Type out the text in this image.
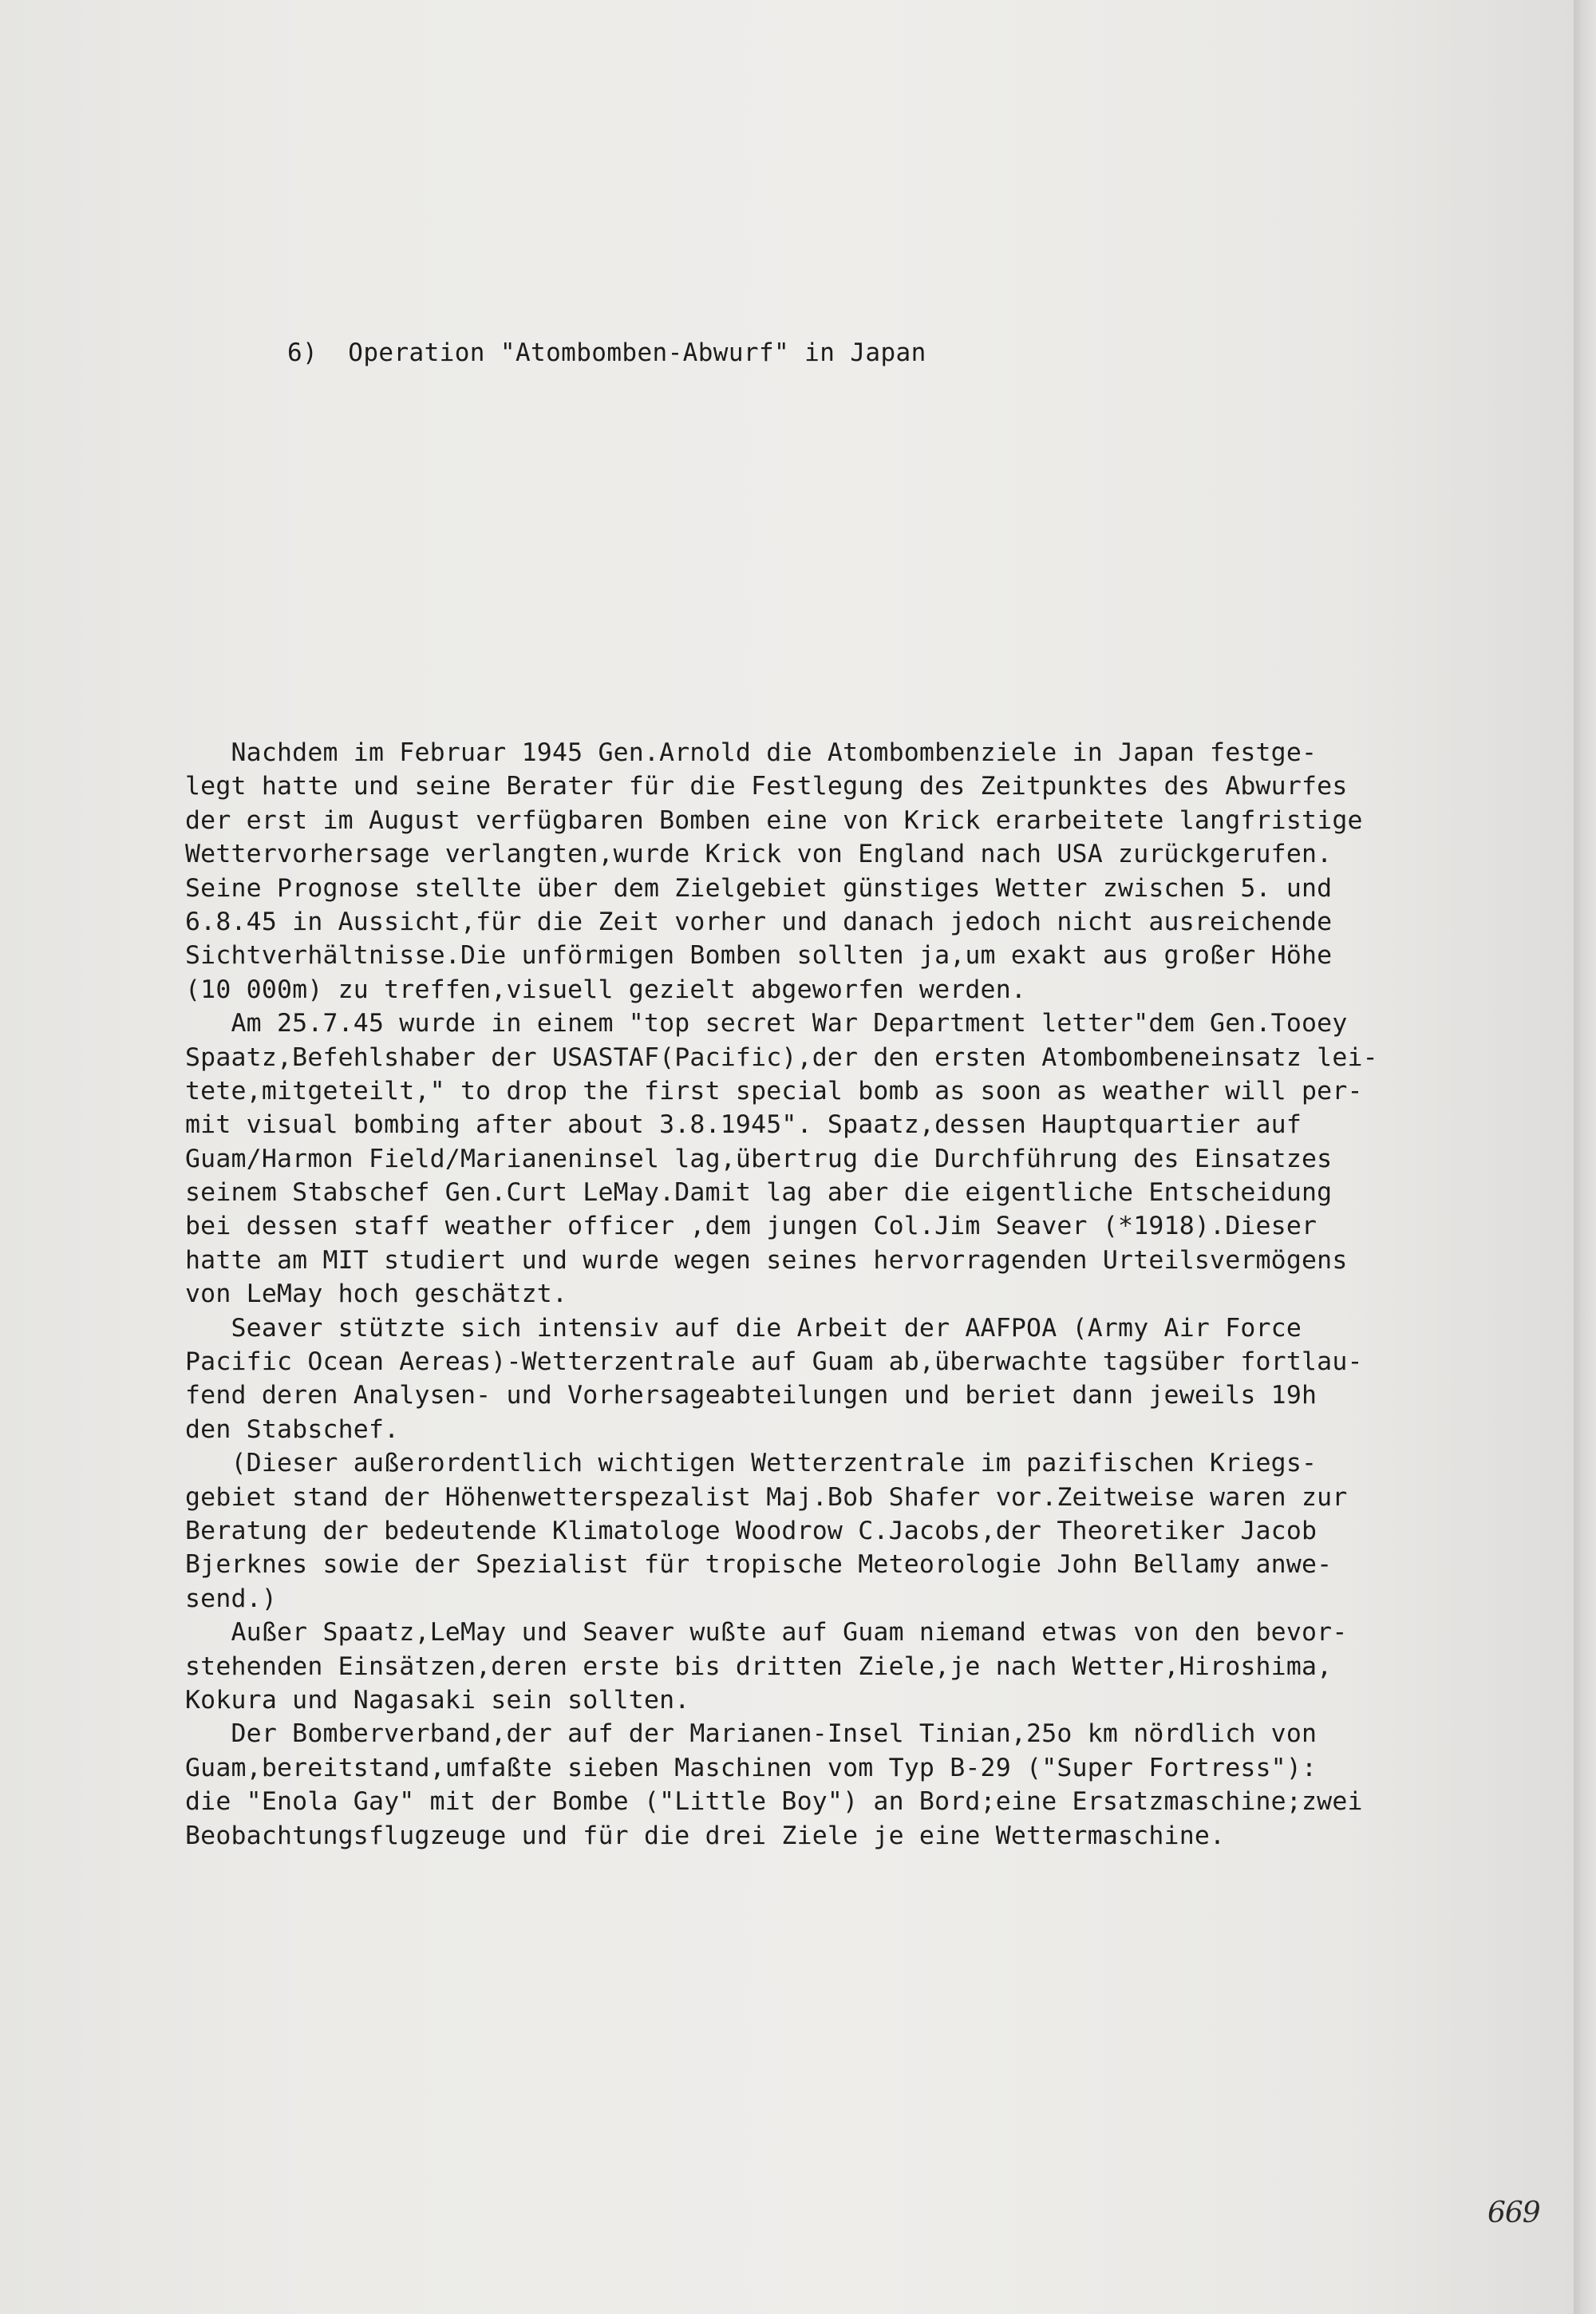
6)  Operation "Atombomben-Abwurf" in Japan
Nachdem im Februar 1945 Gen.Arnold die Atombombenziele in Japan festge-
legt hatte und seine Berater für die Festlegung des Zeitpunktes des Abwurfes
der erst im August verfügbaren Bomben eine von Krick erarbeitete langfristige
Wettervorhersage verlangten,wurde Krick von England nach USA zurückgerufen.
Seine Prognose stellte über dem Zielgebiet günstiges Wetter zwischen 5. und
6.8.45 in Aussicht,für die Zeit vorher und danach jedoch nicht ausreichende
Sichtverhältnisse.Die unförmigen Bomben sollten ja,um exakt aus großer Höhe
(10 000m) zu treffen,visuell gezielt abgeworfen werden.
Am 25.7.45 wurde in einem "top secret War Department letter"dem Gen.Tooey
Spaatz,Befehlshaber der USASTAF(Pacific),der den ersten Atombombeneinsatz lei-
tete,mitgeteilt," to drop the first special bomb as soon as weather will per-
mit visual bombing after about 3.8.1945". Spaatz,dessen Hauptquartier auf
Guam/Harmon Field/Marianeninsel lag,übertrug die Durchführung des Einsatzes
seinem Stabschef Gen.Curt LeMay.Damit lag aber die eigentliche Entscheidung
bei dessen staff weather officer ,dem jungen Col.Jim Seaver (*1918).Dieser
hatte am MIT studiert und wurde wegen seines hervorragenden Urteilsvermögens
von LeMay hoch geschätzt.
Seaver stützte sich intensiv auf die Arbeit der AAFPOA (Army Air Force
Pacific Ocean Aereas)-Wetterzentrale auf Guam ab,überwachte tagsüber fortlau-
fend deren Analysen- und Vorhersageabteilungen und beriet dann jeweils 19h
den Stabschef.
(Dieser außerordentlich wichtigen Wetterzentrale im pazifischen Kriegs-
gebiet stand der Höhenwetterspezalist Maj.Bob Shafer vor.Zeitweise waren zur
Beratung der bedeutende Klimatologe Woodrow C.Jacobs,der Theoretiker Jacob
Bjerknes sowie der Spezialist für tropische Meteorologie John Bellamy anwe-
send.)
Außer Spaatz,LeMay und Seaver wußte auf Guam niemand etwas von den bevor-
stehenden Einsätzen,deren erste bis dritten Ziele,je nach Wetter,Hiroshima,
Kokura und Nagasaki sein sollten.
Der Bomberverband,der auf der Marianen-Insel Tinian,25o km nördlich von
Guam,bereitstand,umfaßte sieben Maschinen vom Typ B-29 ("Super Fortress"):
die "Enola Gay" mit der Bombe ("Little Boy") an Bord;eine Ersatzmaschine;zwei
Beobachtungsflugzeuge und für die drei Ziele je eine Wettermaschine.
669
